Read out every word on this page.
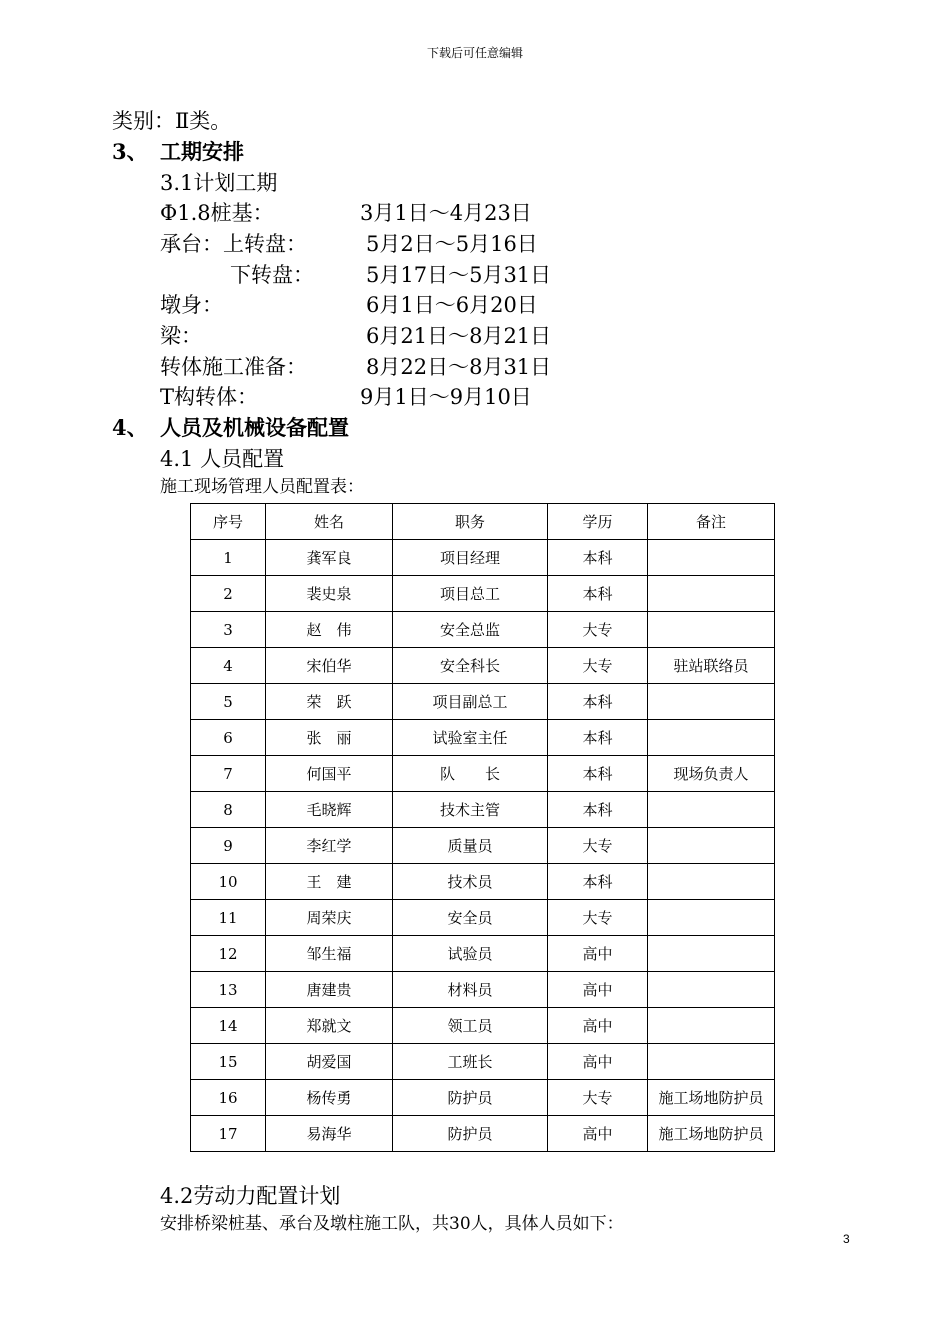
下载后可任意编辑
类别：Ⅱ类。
3、 工期安排
3.1计划工期
Φ1.8桩基：	3月1日～4月23日
承台：上转盘：	5月2日～5月16日
下转盘： 5月17日～5月31日
墩身：	6月1日～6月20日
梁：	6月21日～8月21日
转体施工准备：	8月22日～8月31日
T构转体：	9月1日～9月10日
4、 人员及机械设备配置
4.1 人员配置
施工现场管理人员配置表：
序号	姓名	职务	学历	备注
1	龚军良	项目经理	本科	
2	裴史泉	项目总工	本科	
3	赵　伟	安全总监	大专	
4	宋伯华	安全科长	大专	驻站联络员
5	荣　跃	项目副总工	本科	
6	张　丽	试验室主任	本科	
7	何国平	队　　长	本科	现场负责人
8	毛晓辉	技术主管	本科	
9	李红学	质量员	大专	
10	王　建	技术员	本科	
11	周荣庆	安全员	大专	
12	邹生福	试验员	高中	
13	唐建贵	材料员	高中	
14	郑就文	领工员	高中	
15	胡爱国	工班长	高中	
16	杨传勇	防护员	大专	施工场地防护员
17	易海华	防护员	高中	施工场地防护员
4.2劳动力配置计划
安排桥梁桩基、承台及墩柱施工队，共30人，具体人员如下：
3
